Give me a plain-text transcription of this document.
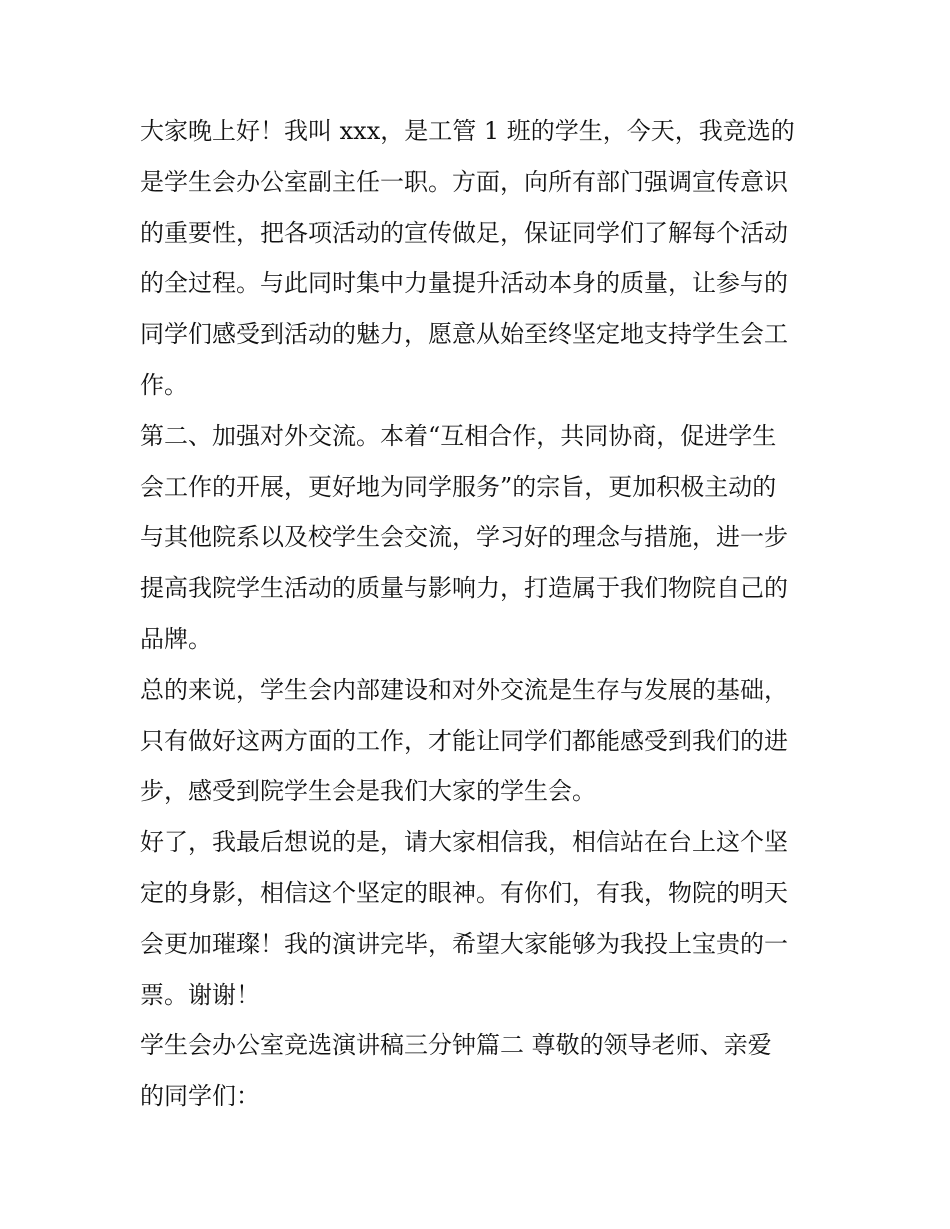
大家晚上好！我叫 xxx，是工管 1 班的学生，今天，我竞选的
是学生会办公室副主任一职。方面，向所有部门强调宣传意识
的重要性，把各项活动的宣传做足，保证同学们了解每个活动
的全过程。与此同时集中力量提升活动本身的质量，让参与的
同学们感受到活动的魅力，愿意从始至终坚定地支持学生会工
作。
第二、加强对外交流。本着“互相合作，共同协商，促进学生
会工作的开展，更好地为同学服务”的宗旨，更加积极主动的
与其他院系以及校学生会交流，学习好的理念与措施，进一步
提高我院学生活动的质量与影响力，打造属于我们物院自己的
品牌。
总的来说，学生会内部建设和对外交流是生存与发展的基础，
只有做好这两方面的工作，才能让同学们都能感受到我们的进
步，感受到院学生会是我们大家的学生会。
好了，我最后想说的是，请大家相信我，相信站在台上这个坚
定的身影，相信这个坚定的眼神。有你们，有我，物院的明天
会更加璀璨！我的演讲完毕，希望大家能够为我投上宝贵的一
票。谢谢！
学生会办公室竞选演讲稿三分钟篇二 尊敬的领导老师、亲爱
的同学们：
